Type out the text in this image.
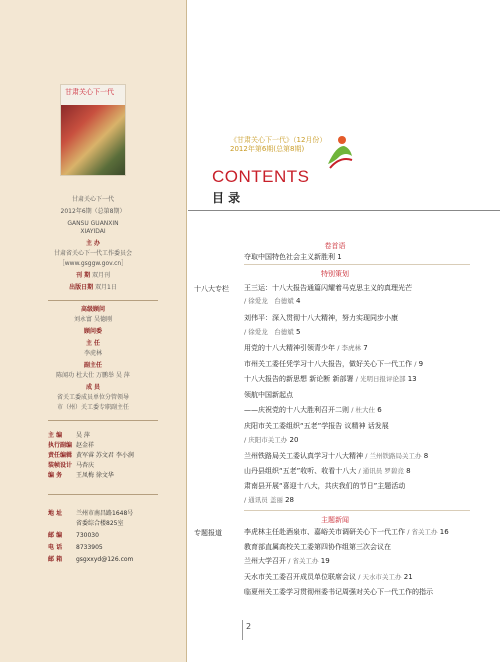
甘肃关心下一代
甘肃关心下一代
2012年6期（总第8期）
GANSU GUANXIN
XIAYIDAI
主 办
甘肃省关心下一代工作委员会
［www.gsggw.gov.cn］
刊 期 双月刊
出版日期 双月1日
高级顾问
刘永富 吴德刚
顾问委
主 任
李虎林
副主任
陈闻功 杜大仕 万鹏举 吴 萍
成 员
省关工委成员单位分管领导
市（州）关工委专职副主任
主 编 吴 萍
执行副编 赵金祥
责任编辑 黄军睿 苏文君 李小润
装帧设计 马杏庆
编 务 王凤梅 徐文华
地 址 兰州市南昌路1648号
省委综合楼825室
邮 编 730030
电 话 8733905
邮 箱 gsgxxyd@126.com
《甘肃关心下一代》（12月份）
2012年第6期(总第8期)
CONTENTS
目 录
卷首语
特别策划
主题新闻
十八大专栏
专题报道
夺取中国特色社会主义新胜利 1
王三运：十八大报告通篇闪耀着马克思主义的真理光芒
/ 徐爱龙　台德斌 4
刘伟平：深入贯彻十八大精神，努力实现同步小康
/ 徐爱龙　台德斌 5
用党的十八大精神引领青少年 / 李虎林 7
市州关工委任凭学习十八大报告，做好关心下一代工作 / 9
十八大报告的新思想 新论断 新部署 / 光明日报评论部 13
领航中国新起点
——庆祝党的十八大胜利召开二则 / 杜大仕 6
庆阳市关工委组织“五老”学报告 议精神 话发展
/ 庆阳市关工办 20
兰州铁路局关工委认真学习十八大精神 / 兰州铁路局关工办 8
山丹县组织“五老”收听、收看十八大 / 通讯员 罗碧竞 8
肃南县开展“喜迎十八大，共庆我们的节日”主题活动
/ 通讯员 盖丽 28
李虎林主任赴酒泉市、嘉峪关市调研关心下一代工作 / 省关工办 16
教育部直属高校关工委第四协作组第三次会议在
兰州大学召开 / 省关工办 19
天水市关工委召开成员单位联席会议 / 天水市关工办 21
临夏州关工委学习贯彻州委书记周强对关心下一代工作的指示
2
